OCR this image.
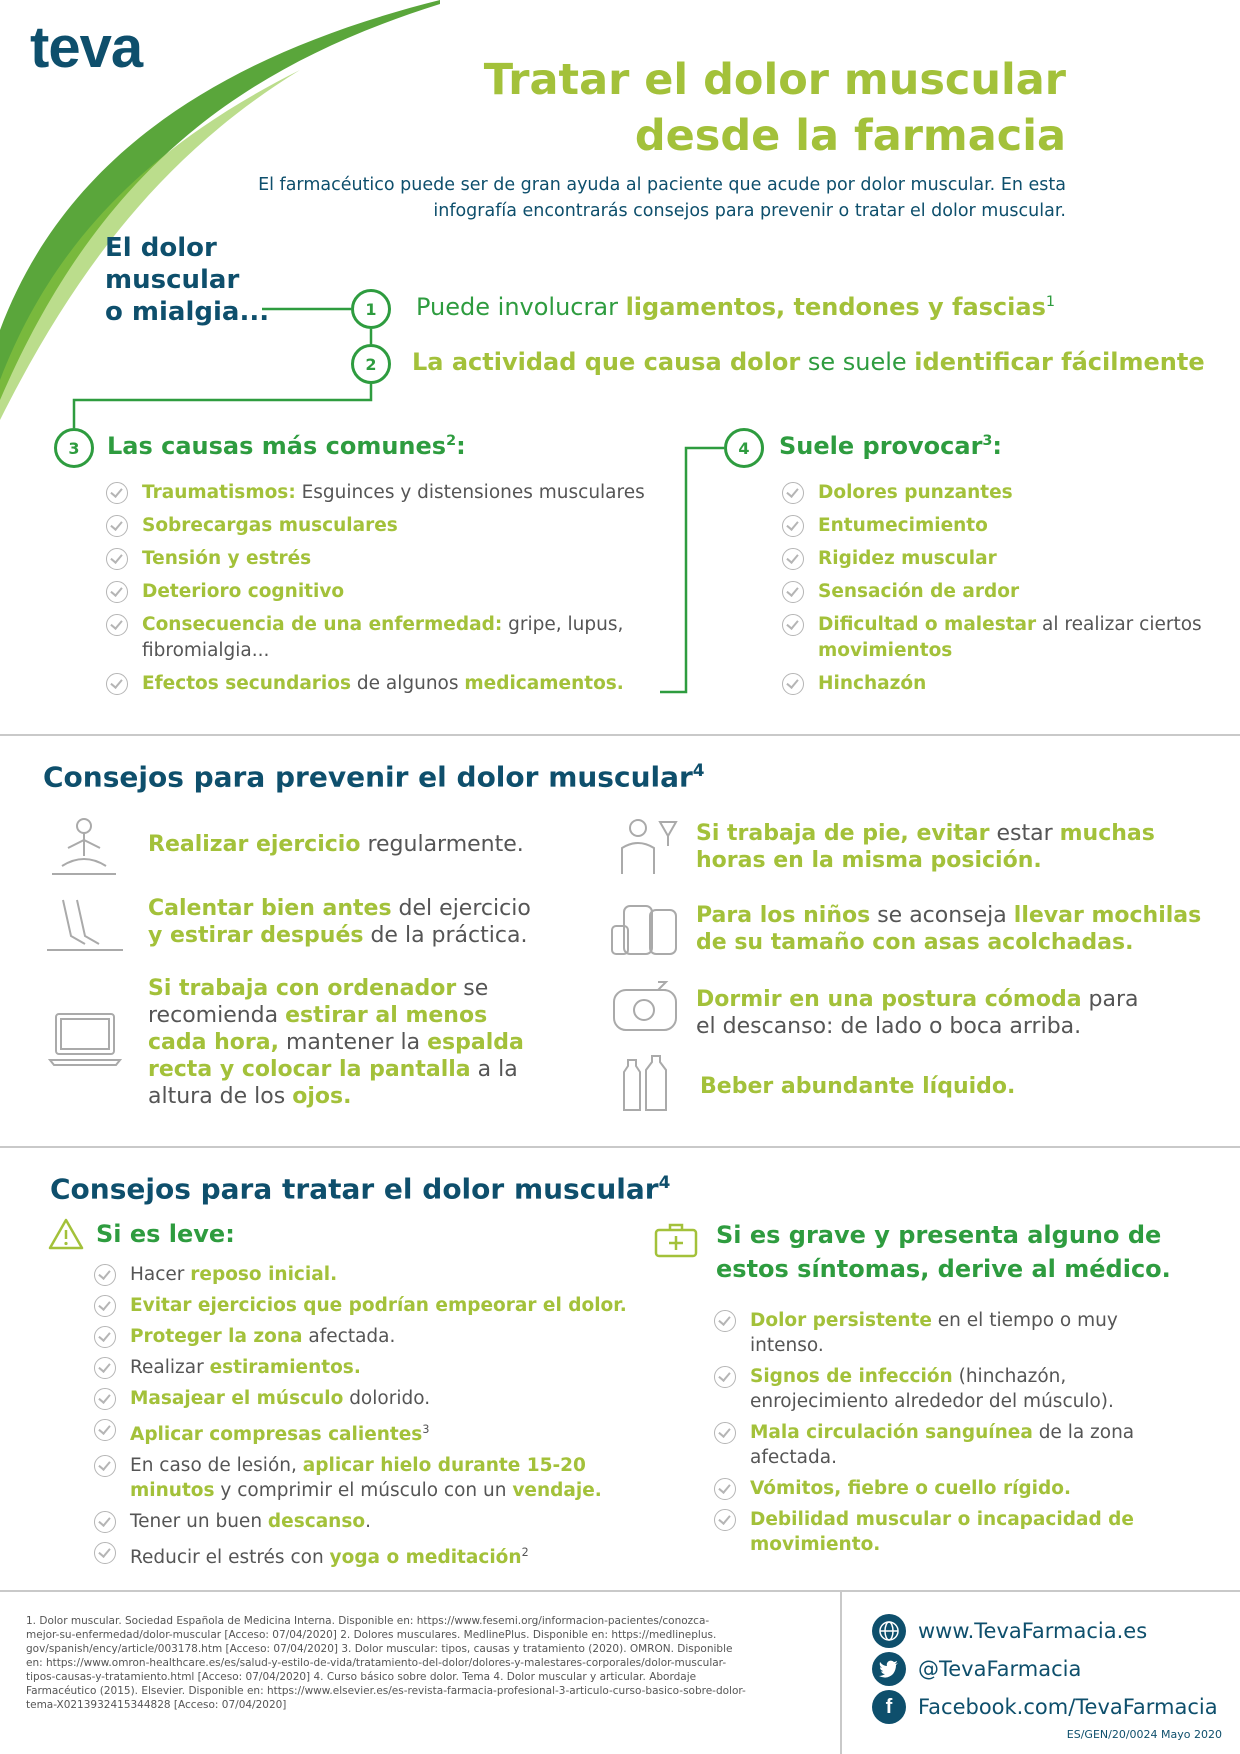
teva	Tratar el dolor muscular
desde la farmacia
El farmacéutico puede ser de gran ayuda al paciente que acude por dolor muscular. En esta
infografía encontrarás consejos para prevenir o tratar el dolor muscular.
El dolor
muscular
o mialgia...	1	Puede involucrar ligamentos, tendones y fascias$^1$
2	La actividad que causa dolor se suele identificar fácilmente
3	Las causas más comunes$^2$:
Traumatismos: Esguinces y distensiones musculares
Sobrecargas musculares
Tensión y estrés
Deterioro cognitivo
Consecuencia de una enfermedad: gripe, lupus,
fibromialgia...
Efectos secundarios de algunos medicamentos.
4	Suele provocar$^3$:
Dolores punzantes
Entumecimiento
Rigidez muscular
Sensación de ardor
Dificultad o malestar al realizar ciertos
movimientos
Hinchazón
Consejos para prevenir el dolor muscular$^4$
Realizar ejercicio regularmente.
Calentar bien antes del ejercicio
y estirar después de la práctica.
Si trabaja con ordenador se
recomienda estirar al menos
cada hora, mantener la espalda
recta y colocar la pantalla a la
altura de los ojos.
Si trabaja de pie, evitar estar muchas
horas en la misma posición.
Para los niños se aconseja llevar mochilas
de su tamaño con asas acolchadas.
Dormir en una postura cómoda para
el descanso: de lado o boca arriba.
Beber abundante líquido.
Consejos para tratar el dolor muscular$^4$
Si es leve:
Hacer reposo inicial.
Evitar ejercicios que podrían empeorar el dolor.
Proteger la zona afectada.
Realizar estiramientos.
Masajear el músculo dolorido.
Aplicar compresas calientes$^3$
En caso de lesión, aplicar hielo durante 15-20
minutos y comprimir el músculo con un vendaje.
Tener un buen descanso.
Reducir el estrés con yoga o meditación$^2$
Si es grave y presenta alguno de
estos síntomas, derive al médico.
Dolor persistente en el tiempo o muy
intenso.
Signos de infección (hinchazón,
enrojecimiento alrededor del músculo).
Mala circulación sanguínea de la zona
afectada.
Vómitos, fiebre o cuello rígido.
Debilidad muscular o incapacidad de
movimiento.
1. Dolor muscular. Sociedad Española de Medicina Interna. Disponible en: https://www.fesemi.org/informacion-pacientes/conozca-
mejor-su-enfermedad/dolor-muscular [Acceso: 07/04/2020] 2. Dolores musculares. MedlinePlus. Disponible en: https://medlineplus.
gov/spanish/ency/article/003178.htm [Acceso: 07/04/2020] 3. Dolor muscular: tipos, causas y tratamiento (2020). OMRON. Disponible
en: https://www.omron-healthcare.es/es/salud-y-estilo-de-vida/tratamiento-del-dolor/dolores-y-malestares-corporales/dolor-muscular-
tipos-causas-y-tratamiento.html [Acceso: 07/04/2020] 4. Curso básico sobre dolor. Tema 4. Dolor muscular y articular. Abordaje
Farmacéutico (2015). Elsevier. Disponible en: https://www.elsevier.es/es-revista-farmacia-profesional-3-articulo-curso-basico-sobre-dolor-
tema-X0213932415344828 [Acceso: 07/04/2020]
www.TevaFarmacia.es
@TevaFarmacia
f	Facebook.com/TevaFarmacia
ES/GEN/20/0024 Mayo 2020
